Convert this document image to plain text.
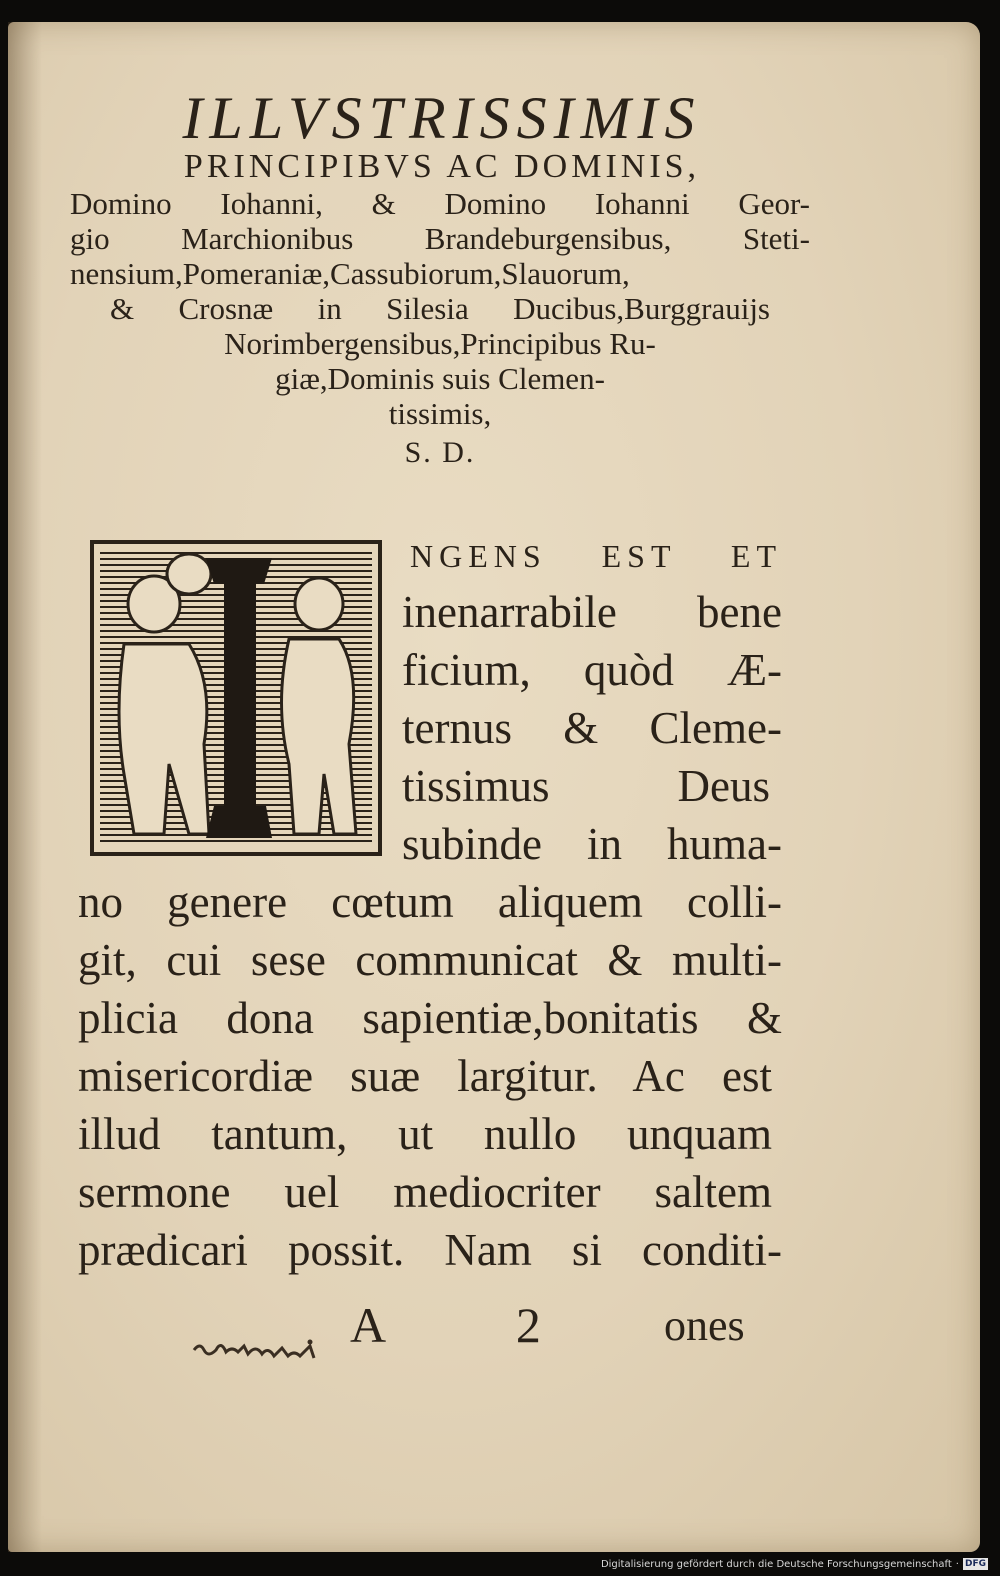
ILLVSTRISSIMIS
PRINCIPIBVS AC DOMINIS,
Domino Iohanni, & Domino Iohanni Geor-
gio Marchionibus Brandeburgensibus, Steti-
nensium,Pomeraniæ,Cassubiorum,Slauorum,
& Crosnæ in Silesia Ducibus,Burggrauijs
Norimbergensibus,Principibus Ru-
giæ,Dominis suis Clemen-
tissimis,
S. D.
NGENS EST ET
inenarrabile bene
ficium, quòd Æ-
ternus & Cleme-
tissimus Deus
subinde in huma-
no genere cœtum aliquem colli-
git, cui sese communicat & multi-
plicia dona sapientiæ,bonitatis &
misericordiæ suæ largitur. Ac est
illud tantum, ut nullo unquam
sermone uel mediocriter saltem
prædicari possit. Nam si conditi-
A 2 ones
Digitalisierung gefördert durch die Deutsche Forschungsgemeinschaft · DFG
